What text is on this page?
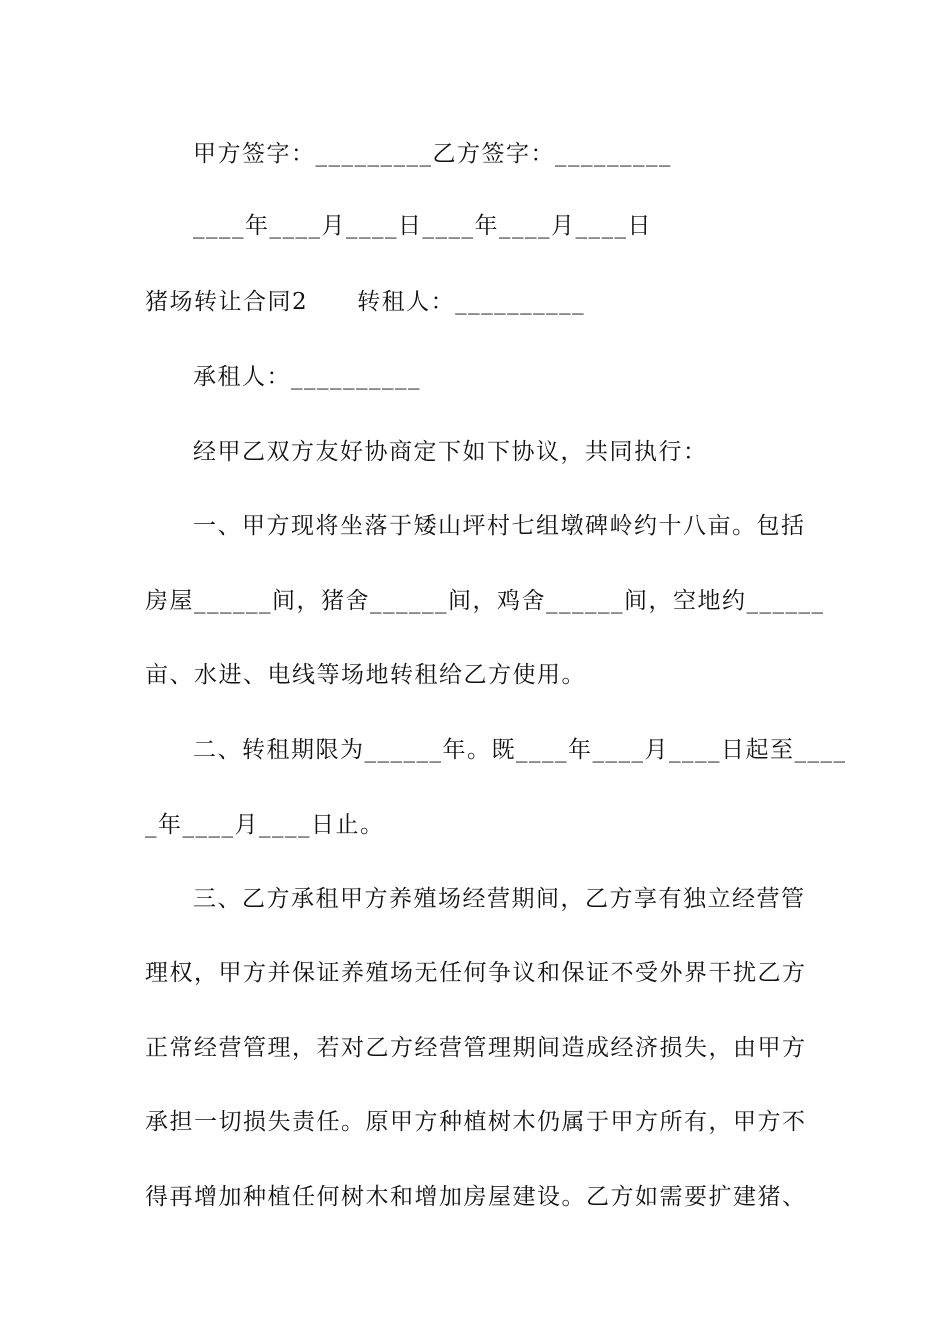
甲方签字：_________乙方签字：_________
____年____月____日____年____月____日
猪场转让合同2　　转租人：__________
承租人：__________
经甲乙双方友好协商定下如下协议，共同执行：
一、甲方现将坐落于矮山坪村七组墩碑岭约十八亩。包括
房屋______间，猪舍______间，鸡舍______间，空地约______
亩、水进、电线等场地转租给乙方使用。
二、转租期限为______年。既____年____月____日起至____
_年____月____日止。
三、乙方承租甲方养殖场经营期间，乙方享有独立经营管
理权，甲方并保证养殖场无任何争议和保证不受外界干扰乙方
正常经营管理，若对乙方经营管理期间造成经济损失，由甲方
承担一切损失责任。原甲方种植树木仍属于甲方所有，甲方不
得再增加种植任何树木和增加房屋建设。乙方如需要扩建猪、
